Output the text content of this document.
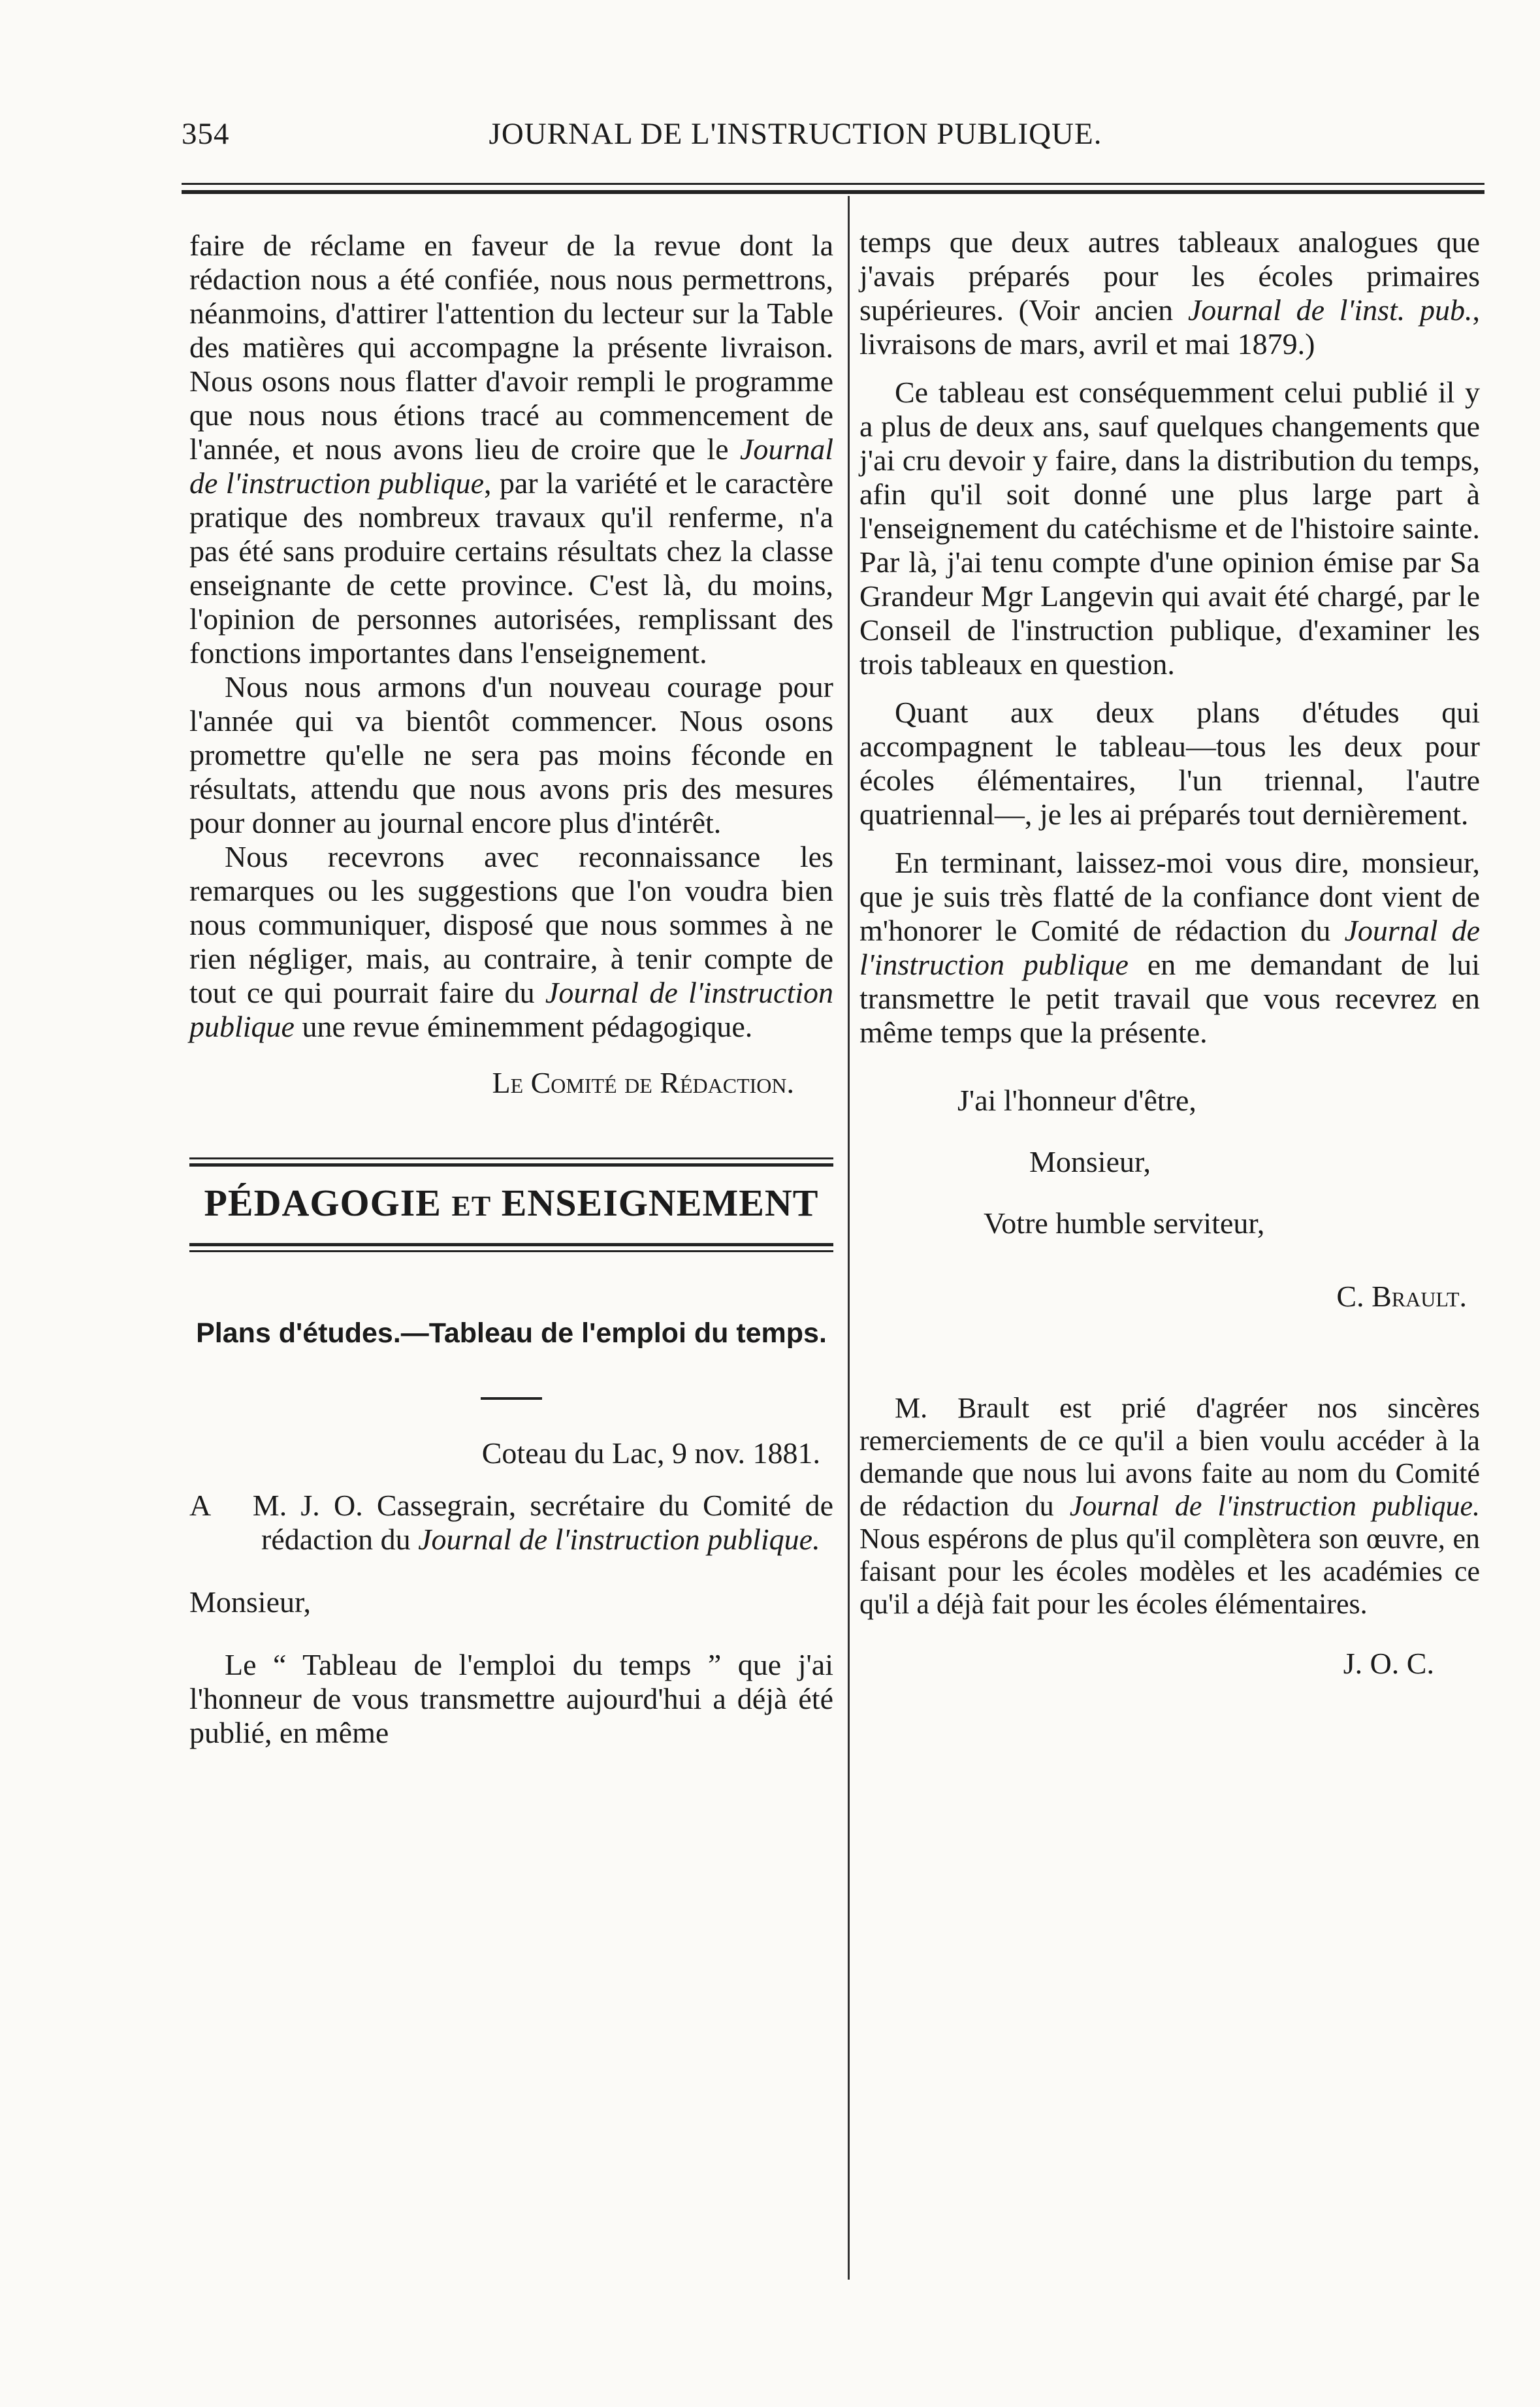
354	JOURNAL DE L'INSTRUCTION PUBLIQUE.

faire de réclame en faveur de la revue dont la rédaction nous a été confiée, nous nous permettrons, néanmoins, d'attirer l'attention du lecteur sur la Table des matières qui accompagne la présente livraison. Nous osons nous flatter d'avoir rempli le programme que nous nous étions tracé au commencement de l'année, et nous avons lieu de croire que le Journal de l'instruction publique, par la variété et le caractère pratique des nombreux travaux qu'il renferme, n'a pas été sans produire certains résultats chez la classe enseignante de cette province. C'est là, du moins, l'opinion de personnes autorisées, remplissant des fonctions importantes dans l'enseignement.

Nous nous armons d'un nouveau courage pour l'année qui va bientôt commencer. Nous osons promettre qu'elle ne sera pas moins féconde en résultats, attendu que nous avons pris des mesures pour donner au journal encore plus d'intérêt.

Nous recevrons avec reconnaissance les remarques ou les suggestions que l'on voudra bien nous communiquer, disposé que nous sommes à ne rien négliger, mais, au contraire, à tenir compte de tout ce qui pourrait faire du Journal de l'instruction publique une revue éminemment pédagogique.

Le Comité de Rédaction.

PÉDAGOGIE ET ENSEIGNEMENT

Plans d'études.—Tableau de l'emploi du temps.

Coteau du Lac, 9 nov. 1881.

A M. J. O. Cassegrain, secrétaire du Comité de rédaction du Journal de l'instruction publique.

Monsieur,

Le “ Tableau de l'emploi du temps ” que j'ai l'honneur de vous transmettre aujourd'hui a déjà été publié, en même

temps que deux autres tableaux analogues que j'avais préparés pour les écoles primaires supérieures. (Voir ancien Journal de l'inst. pub., livraisons de mars, avril et mai 1879.)

Ce tableau est conséquemment celui publié il y a plus de deux ans, sauf quelques changements que j'ai cru devoir y faire, dans la distribution du temps, afin qu'il soit donné une plus large part à l'enseignement du catéchisme et de l'histoire sainte. Par là, j'ai tenu compte d'une opinion émise par Sa Grandeur Mgr Langevin qui avait été chargé, par le Conseil de l'instruction publique, d'examiner les trois tableaux en question.

Quant aux deux plans d'études qui accompagnent le tableau—tous les deux pour écoles élémentaires, l'un triennal, l'autre quatriennal—, je les ai préparés tout dernièrement.

En terminant, laissez-moi vous dire, monsieur, que je suis très flatté de la confiance dont vient de m'honorer le Comité de rédaction du Journal de l'instruction publique en me demandant de lui transmettre le petit travail que vous recevrez en même temps que la présente.

J'ai l'honneur d'être,

Monsieur,

Votre humble serviteur,

C. Brault.

M. Brault est prié d'agréer nos sincères remerciements de ce qu'il a bien voulu accéder à la demande que nous lui avons faite au nom du Comité de rédaction du Journal de l'instruction publique. Nous espérons de plus qu'il complètera son œuvre, en faisant pour les écoles modèles et les académies ce qu'il a déjà fait pour les écoles élémentaires.

J. O. C.
